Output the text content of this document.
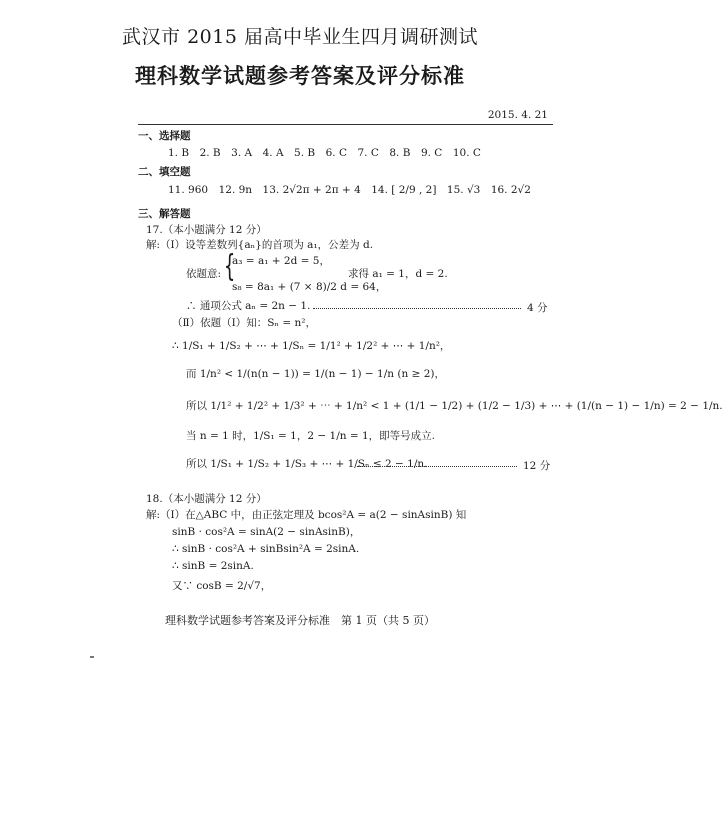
武汉市 2015 届高中毕业生四月调研测试
理科数学试题参考答案及评分标准
2015. 4. 21
一、选择题
1. B　2. B　3. A　4. A　5. B　6. C　7. C　8. B　9. C　10. C
二、填空题
11. 960　12. 9n　13. 2√2π + 2π + 4　14. [ 2/9 , 2]　15. √3　16. 2√2
三、解答题
17.（本小题满分 12 分）
解:（Ⅰ）设等差数列{aₙ}的首项为 a₁，公差为 d.
a₃ = a₁ + 2d = 5，
依题意: {
s₈ = 8a₁ + (7 × 8)/2 d = 64，
求得 a₁ = 1，d = 2.
∴ 通项公式 aₙ = 2n − 1.	4 分
（Ⅱ）依题（Ⅰ）知：Sₙ = n²，
∴ 1/S₁ + 1/S₂ + ⋯ + 1/Sₙ = 1/1² + 1/2² + ⋯ + 1/n²，
而 1/n² < 1/(n(n − 1)) = 1/(n − 1) − 1/n (n ≥ 2)，
所以 1/1² + 1/2² + 1/3² + ⋯ + 1/n² < 1 + (1/1 − 1/2) + (1/2 − 1/3) + ⋯ + (1/(n − 1) − 1/n) = 2 − 1/n.
当 n = 1 时，1/S₁ = 1，2 − 1/n = 1，即等号成立.
所以 1/S₁ + 1/S₂ + 1/S₃ + ⋯ + 1/Sₙ ≤ 2 − 1/n.	12 分
18.（本小题满分 12 分）
解:（Ⅰ）在△ABC 中，由正弦定理及 bcos²A = a(2 − sinAsinB) 知
sinB · cos²A = sinA(2 − sinAsinB)，
∴ sinB · cos²A + sinBsin²A = 2sinA.
∴ sinB = 2sinA.
又∵ cosB = 2/√7，
理科数学试题参考答案及评分标准　第 1 页（共 5 页）
